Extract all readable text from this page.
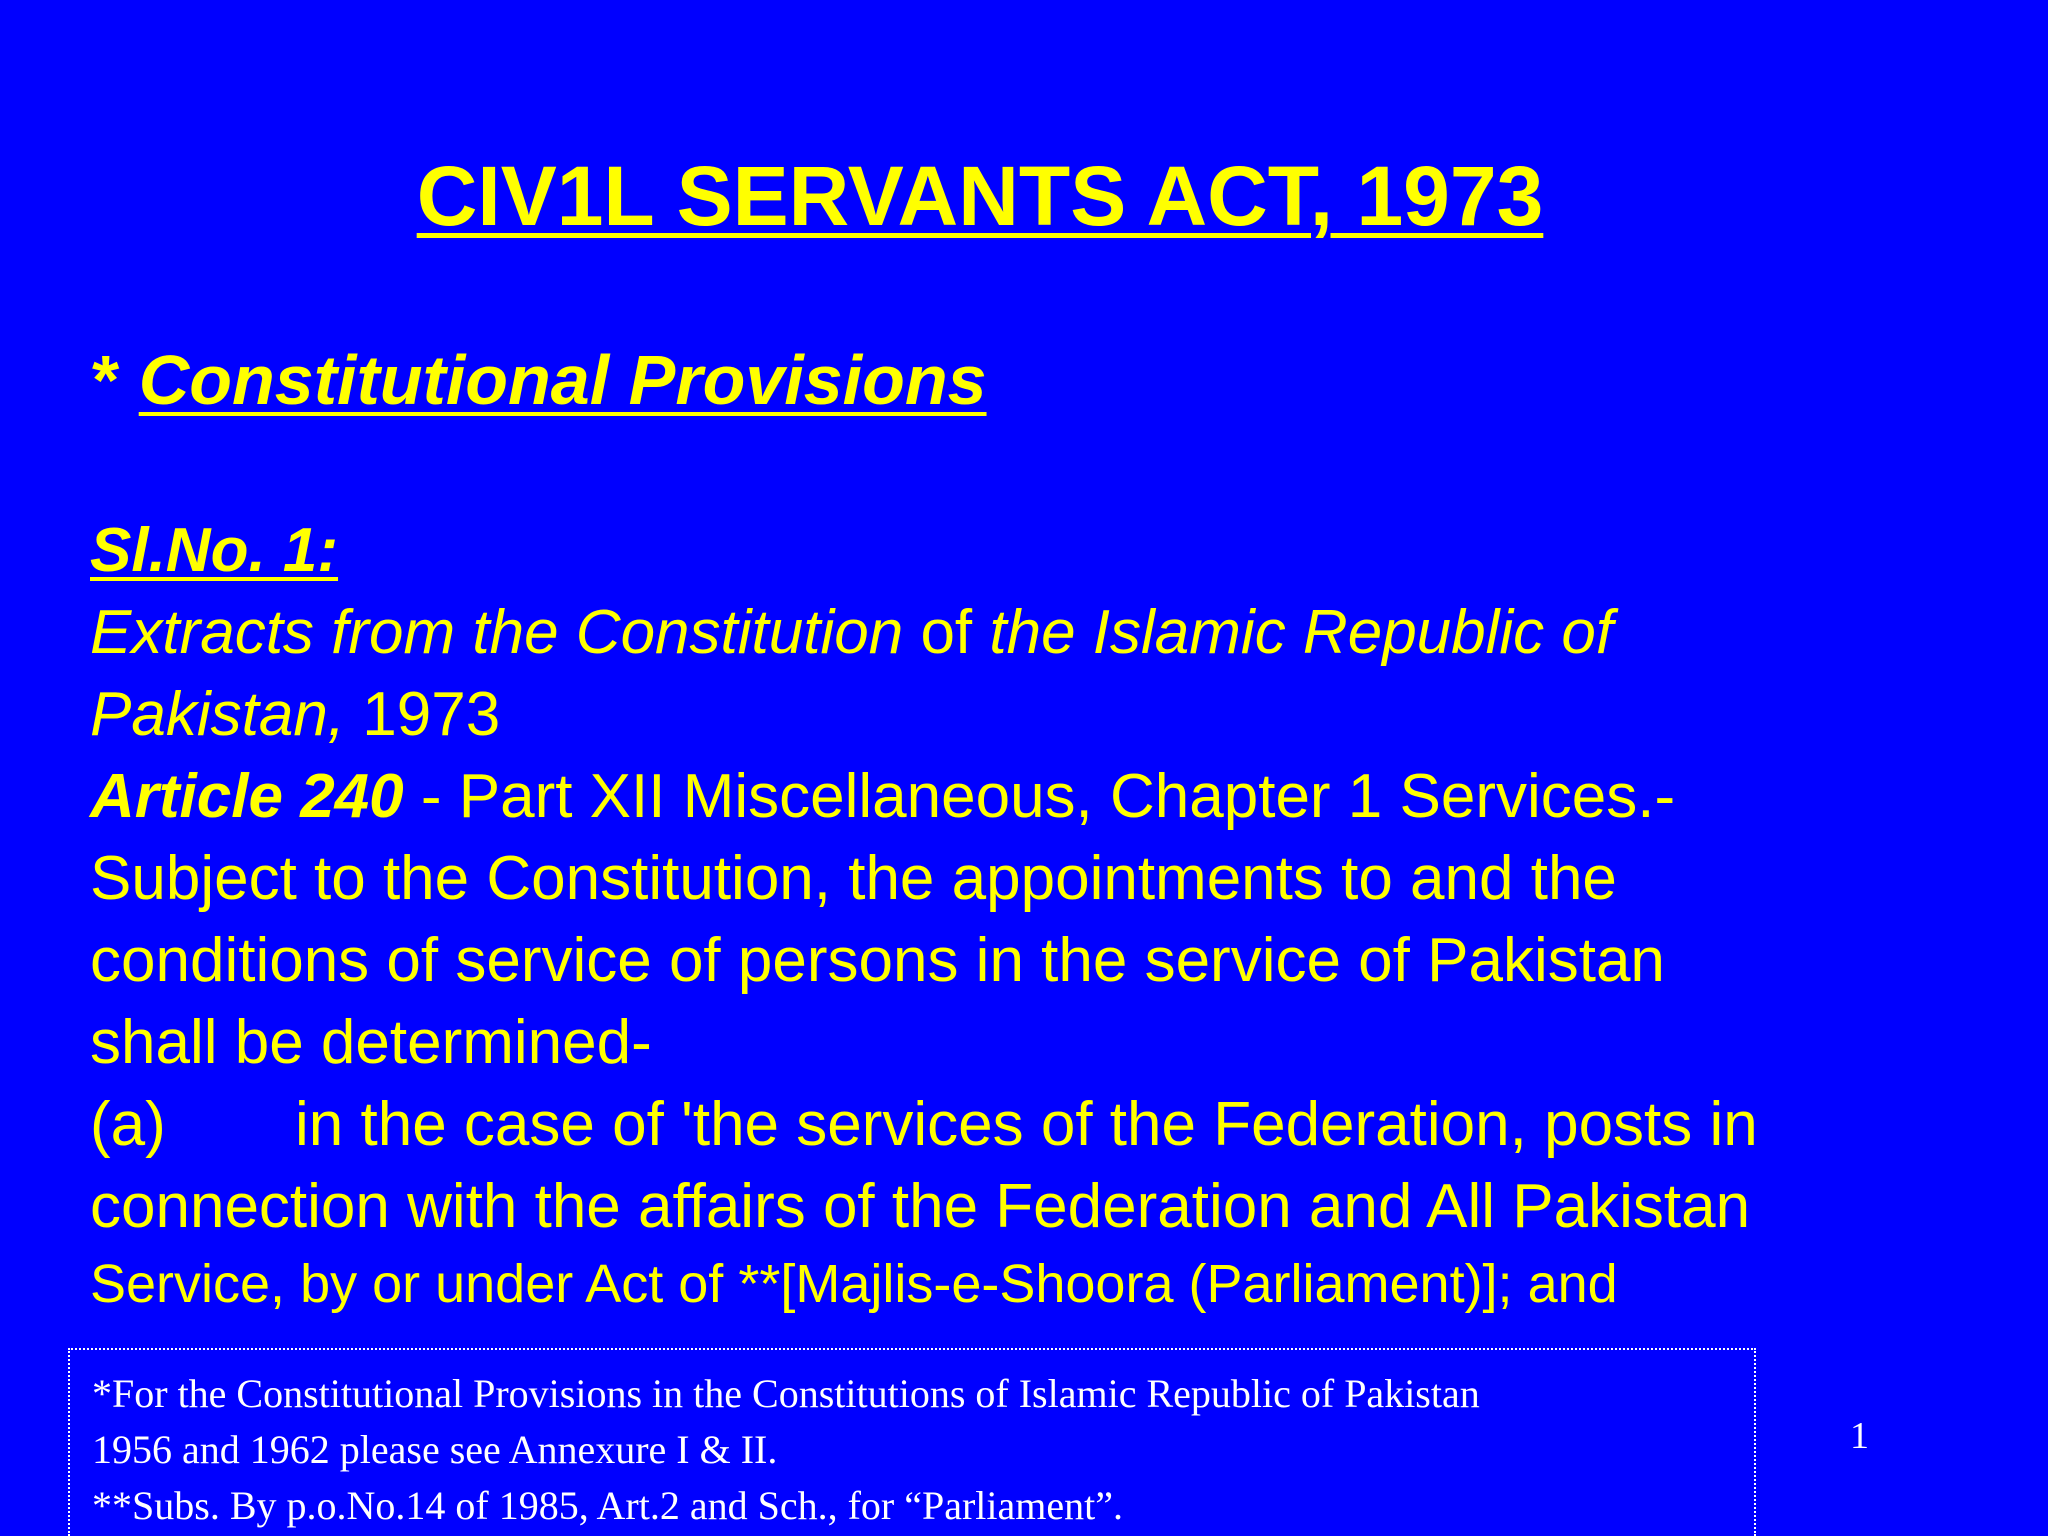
CIV1L SERVANTS ACT, 1973
* Constitutional Provisions
Sl.No. 1:
Extracts from the Constitution of the Islamic Republic of
Pakistan, 1973
Article 240 - Part XII Miscellaneous, Chapter 1 Services.-
Subject to the Constitution, the appointments to and the
conditions of service of persons in the service of Pakistan
shall be determined-
(a) in the case of 'the services of the Federation, posts in
connection with the affairs of the Federation and All Pakistan
Service, by or under Act of **[Majlis-e-Shoora (Parliament)]; and
*For the Constitutional Provisions in the Constitutions of Islamic Republic of Pakistan
1956 and 1962 please see Annexure I & II.
**Subs. By p.o.No.14 of 1985, Art.2 and Sch., for “Parliament”.
1
